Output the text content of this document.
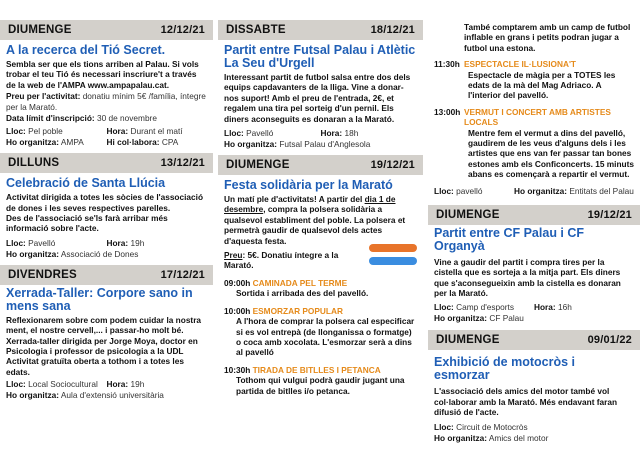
DIUMENGE	12/12/21
A la recerca del Tió Secret.
Sembla ser que els tions arriben al Palau. Si vols trobar el teu Tió és necessari inscriure't a través de la web de l'AMPA www.ampapalau.cat.
Preu per l'activitat: donatiu mínim 5€ /família, íntegre per la Marató.
Data límit d'inscripció: 30 de novembre
Lloc: Pel poble	Hora: Durant el matí
Ho organitza: AMPA	Hi col·labora: CPA
DILLUNS	13/12/21
Celebració de Santa Llúcia

Activitat dirigida a totes les sòcies de l'associació de dones i les seves respectives parelles.

Des de l'associació se'ls farà arribar més informació sobre l'acte.

Lloc: Pavelló	Hora: 19h
Ho organitza: Associació de Dones
DIVENDRES	17/12/21
Xerrada-Taller: Corpore sano in mens sana

Reflexionarem sobre com podem cuidar la nostra ment, el nostre cervell,... i passar-ho molt bé.

Xerrada-taller dirigida per Jorge Moya, doctor en Psicologia i professor de psicologia a la UDL

Activitat gratuïta oberta a tothom i a totes les edats.

Lloc: Local Sociocultural	Hora: 19h
Ho organitza: Aula d'extensió universitària
DISSABTE	18/12/21
Partit entre Futsal Palau i Atlètic La Seu d'Urgell
Interessant partit de futbol salsa entre dos dels equips capdavanters de la lliga. Vine a donar-nos suport! Amb el preu de l'entrada, 2€, et regalem una tira pel sorteig d'un pernil. Els diners aconseguits es donaran a la Marató.
Lloc: Pavelló	Hora: 18h
Ho organitza: Futsal Palau d'Anglesola
DIUMENGE	19/12/21
Festa solidària per la Marató
Un matí ple d'activitats! A partir del dia 1 de desembre, compra la polsera solidària a qualsevol establiment del poble. La polsera et permetrà gaudir de qualsevol dels actes d'aquesta festa.
Preu: 5€. Donatiu íntegre a la Marató.
09:00h CAMINADA PEL TERME
Sortida i arribada des del pavelló.
10:00h ESMORZAR POPULAR
A l'hora de comprar la polsera cal especificar si es vol entrepà (de llonganissa o formatge) o coca amb xocolata. L'esmorzar serà a dins al pavelló
10:30h TIRADA DE BITLLES I PETANCA
Tothom qui vulgui podrà gaudir jugant una partida de bitlles i/o petanca.
També comptarem amb un camp de futbol inflable en grans i petits podran jugar a futbol una estona.
11:30h ESPECTACLE IL·LUSIONA'T
Espectacle de màgia per a TOTES les edats de la mà del Mag Adriaco. A l'interior del pavelló.
13:00h VERMUT I CONCERT AMB ARTISTES LOCALS
Mentre fem el vermut a dins del pavelló, gaudirem de les veus d'alguns dels i les artistes que ens van fer passar tan bones estones amb els Conficoncerts. 15 minuts abans es començarà a repartir el vermut.
Lloc: pavelló	Ho organitza: Entitats del Palau
DIUMENGE	19/12/21
Partit entre CF Palau i CF Organyà
Vine a gaudir del partit i compra tires per la cistella que es sorteja a la mitja part. Els diners que s'aconsegueixin amb la cistella es donaran per la Marató.
Lloc: Camp d'esports	Hora: 16h
Ho organitza: CF Palau
DIUMENGE	09/01/22
Exhibició de motocròs i esmorzar
L'associació dels amics del motor també vol col·laborar amb la Marató. Més endavant faran difusió de l'acte.
Lloc: Circuit de Motocròs
Ho organitza: Amics del motor
